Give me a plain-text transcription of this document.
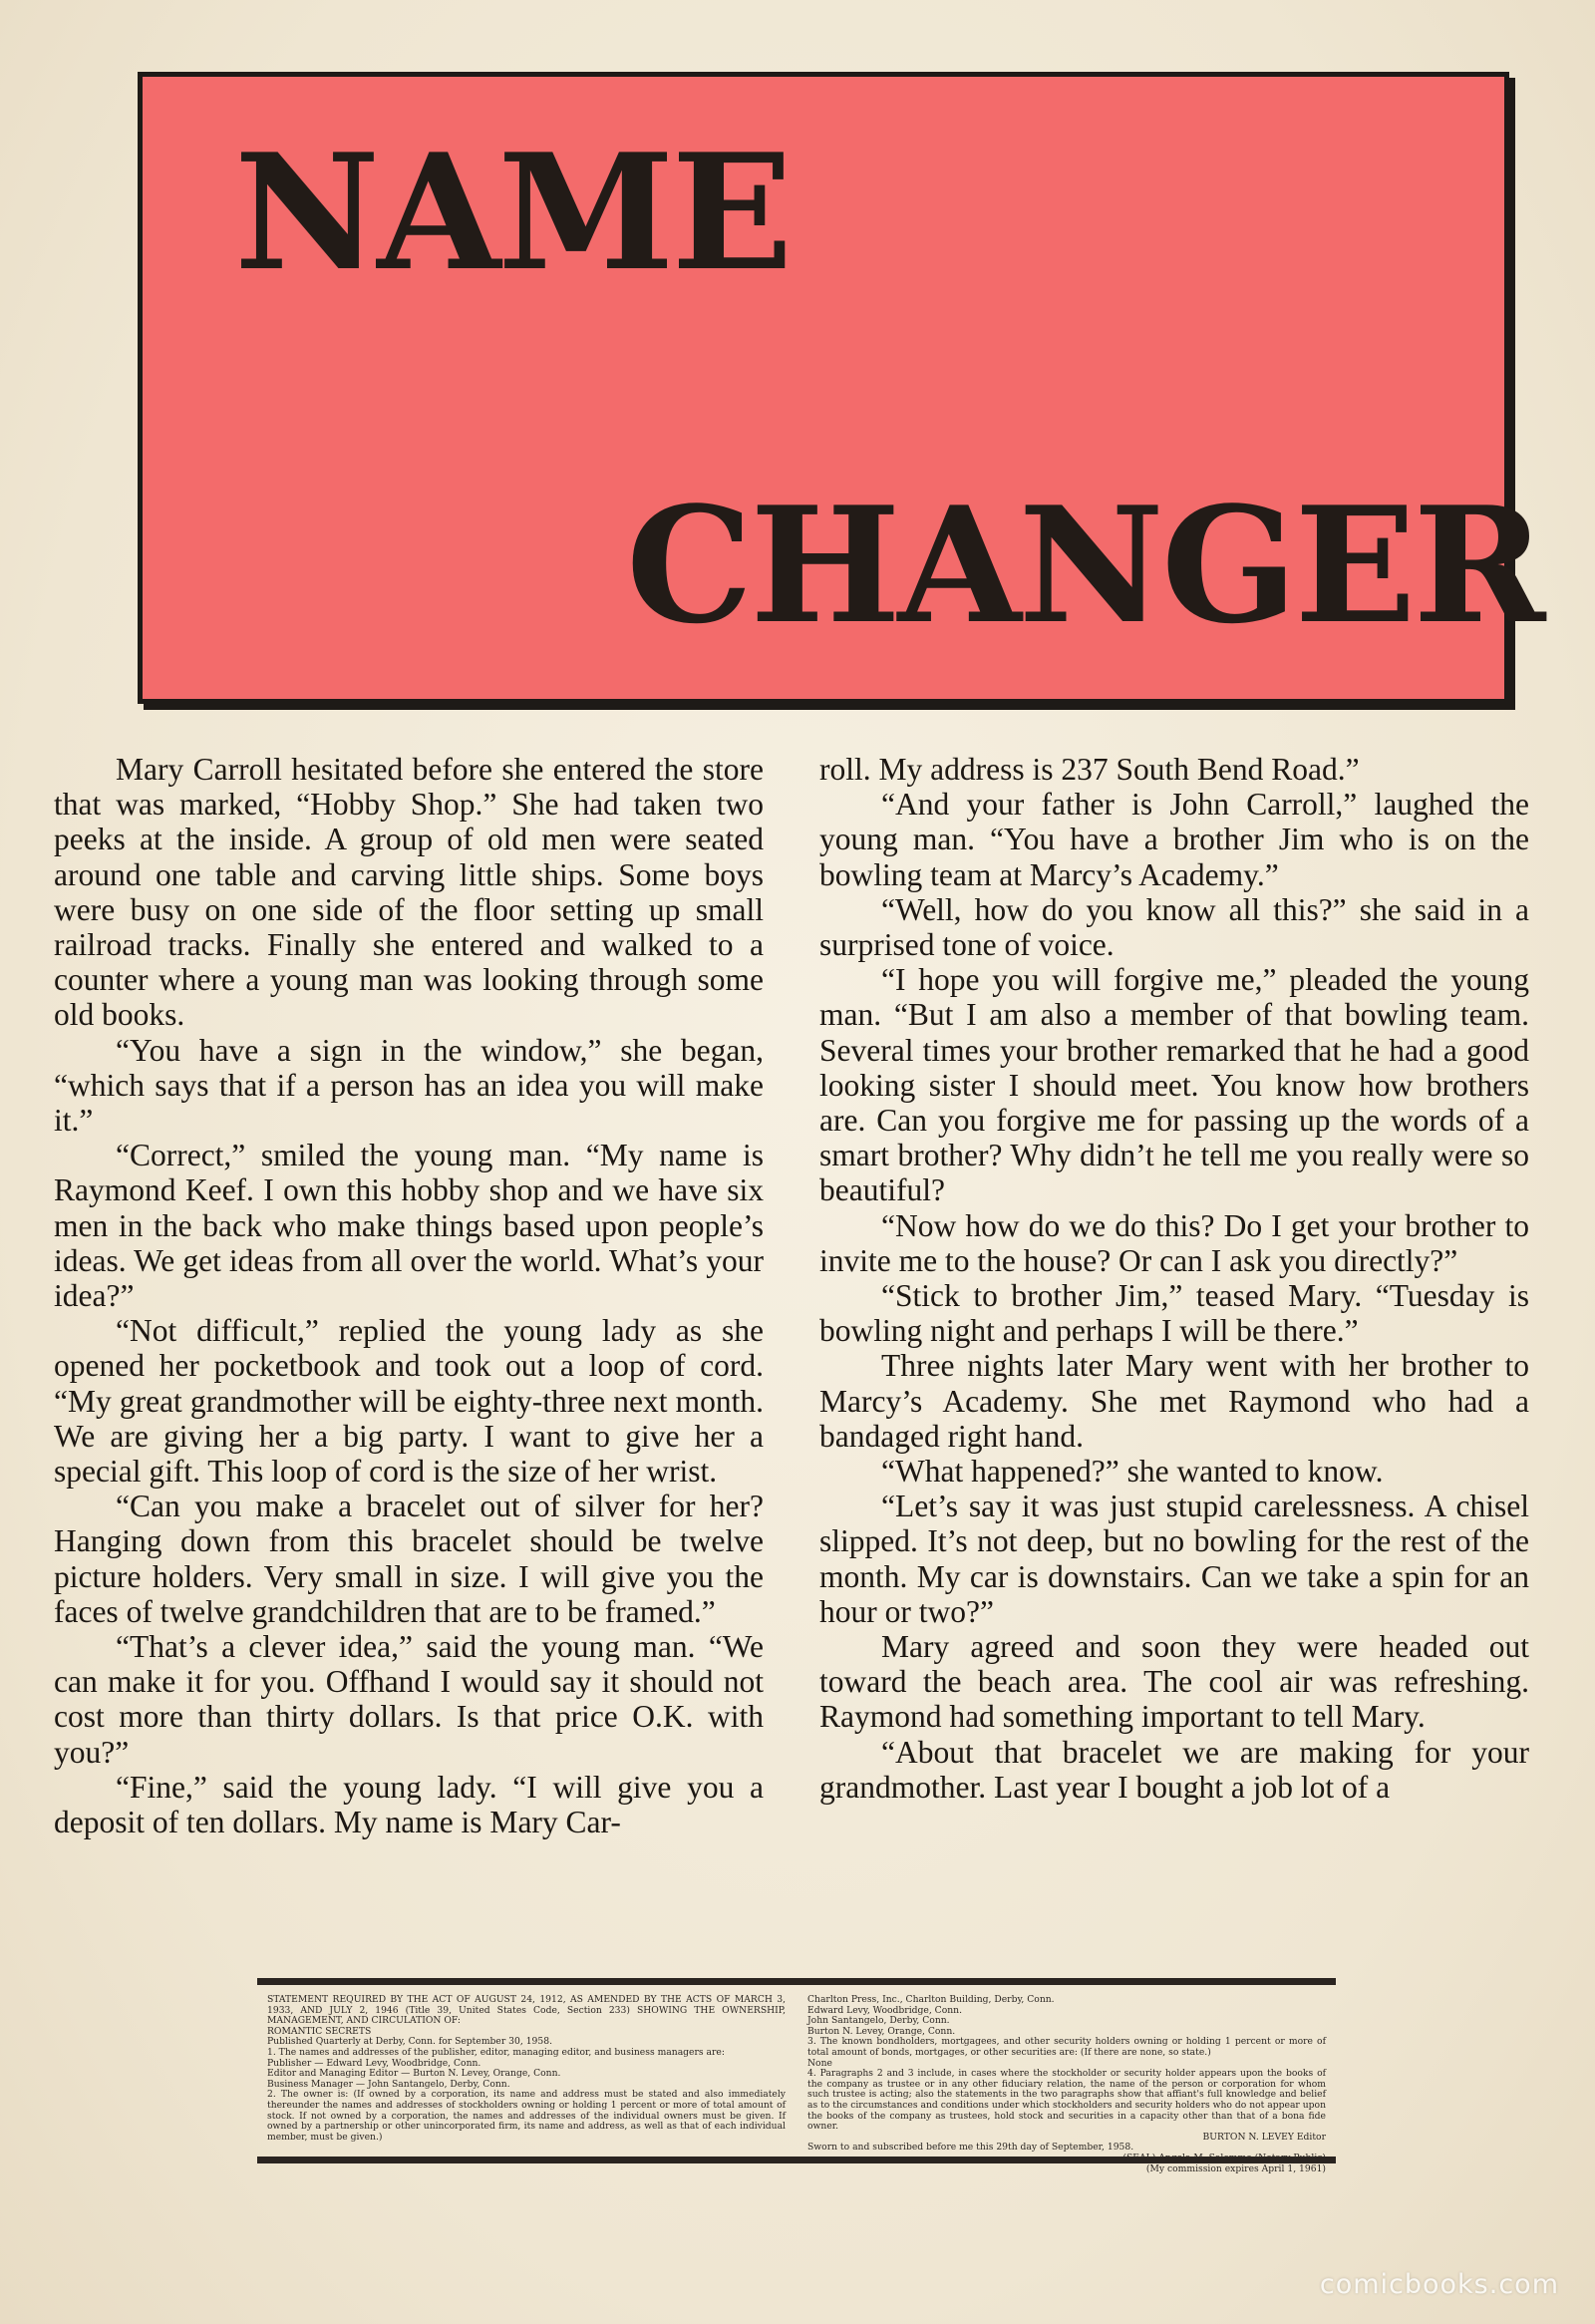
NAME
CHANGER

Mary Carroll hesitated before she entered the store that was marked, “Hobby Shop.” She had taken two peeks at the inside. A group of old men were seated around one table and carving little ships. Some boys were busy on one side of the floor setting up small railroad tracks. Finally she entered and walked to a counter where a young man was looking through some old books.

“You have a sign in the window,” she began, “which says that if a person has an idea you will make it.”

“Correct,” smiled the young man. “My name is Raymond Keef. I own this hobby shop and we have six men in the back who make things based upon people’s ideas. We get ideas from all over the world. What’s your idea?”

“Not difficult,” replied the young lady as she opened her pocketbook and took out a loop of cord. “My great grandmother will be eighty-three next month. We are giving her a big party. I want to give her a special gift. This loop of cord is the size of her wrist.

“Can you make a bracelet out of silver for her? Hanging down from this bracelet should be twelve picture holders. Very small in size. I will give you the faces of twelve grandchildren that are to be framed.”

“That’s a clever idea,” said the young man. “We can make it for you. Offhand I would say it should not cost more than thirty dollars. Is that price O.K. with you?”

“Fine,” said the young lady. “I will give you a deposit of ten dollars. My name is Mary Car-

roll. My address is 237 South Bend Road.”

“And your father is John Carroll,” laughed the young man. “You have a brother Jim who is on the bowling team at Marcy’s Academy.”

“Well, how do you know all this?” she said in a surprised tone of voice.

“I hope you will forgive me,” pleaded the young man. “But I am also a member of that bowling team. Several times your brother remarked that he had a good looking sister I should meet. You know how brothers are. Can you forgive me for passing up the words of a smart brother? Why didn’t he tell me you really were so beautiful?

“Now how do we do this? Do I get your brother to invite me to the house? Or can I ask you directly?”

“Stick to brother Jim,” teased Mary. “Tuesday is bowling night and perhaps I will be there.”

Three nights later Mary went with her brother to Marcy’s Academy. She met Raymond who had a bandaged right hand.

“What happened?” she wanted to know.

“Let’s say it was just stupid carelessness. A chisel slipped. It’s not deep, but no bowling for the rest of the month. My car is downstairs. Can we take a spin for an hour or two?”

Mary agreed and soon they were headed out toward the beach area. The cool air was refreshing. Raymond had something important to tell Mary.

“About that bracelet we are making for your grandmother. Last year I bought a job lot of a

STATEMENT REQUIRED BY THE ACT OF AUGUST 24, 1912, AS AMENDED BY THE ACTS OF MARCH 3, 1933, AND JULY 2, 1946 (Title 39, United States Code, Section 233) SHOWING THE OWNERSHIP, MANAGEMENT, AND CIRCULATION OF:

ROMANTIC SECRETS

Published Quarterly at Derby, Conn. for September 30, 1958.

1. The names and addresses of the publisher, editor, managing editor, and business managers are:

Publisher — Edward Levy, Woodbridge, Conn.

Editor and Managing Editor — Burton N. Levey, Orange, Conn.

Business Manager — John Santangelo, Derby, Conn.

2. The owner is: (If owned by a corporation, its name and address must be stated and also immediately thereunder the names and addresses of stockholders owning or holding 1 percent or more of total amount of stock. If not owned by a corporation, the names and addresses of the individual owners must be given. If owned by a partnership or other unincorporated firm, its name and address, as well as that of each individual member, must be given.)

Charlton Press, Inc., Charlton Building, Derby, Conn.

Edward Levy, Woodbridge, Conn.

John Santangelo, Derby, Conn.

Burton N. Levey, Orange, Conn.

3. The known bondholders, mortgagees, and other security holders owning or holding 1 percent or more of total amount of bonds, mortgages, or other securities are: (If there are none, so state.)

None

4. Paragraphs 2 and 3 include, in cases where the stockholder or security holder appears upon the books of the company as trustee or in any other fiduciary relation, the name of the person or corporation for whom such trustee is acting; also the statements in the two paragraphs show that affiant's full knowledge and belief as to the circumstances and conditions under which stockholders and security holders who do not appear upon the books of the company as trustees, hold stock and securities in a capacity other than that of a bona fide owner.

BURTON N. LEVEY Editor

Sworn to and subscribed before me this 29th day of September, 1958.

(SEAL) Angela M. Salemme (Notary Public)

(My commission expires April 1, 1961)

comicbooks.com
